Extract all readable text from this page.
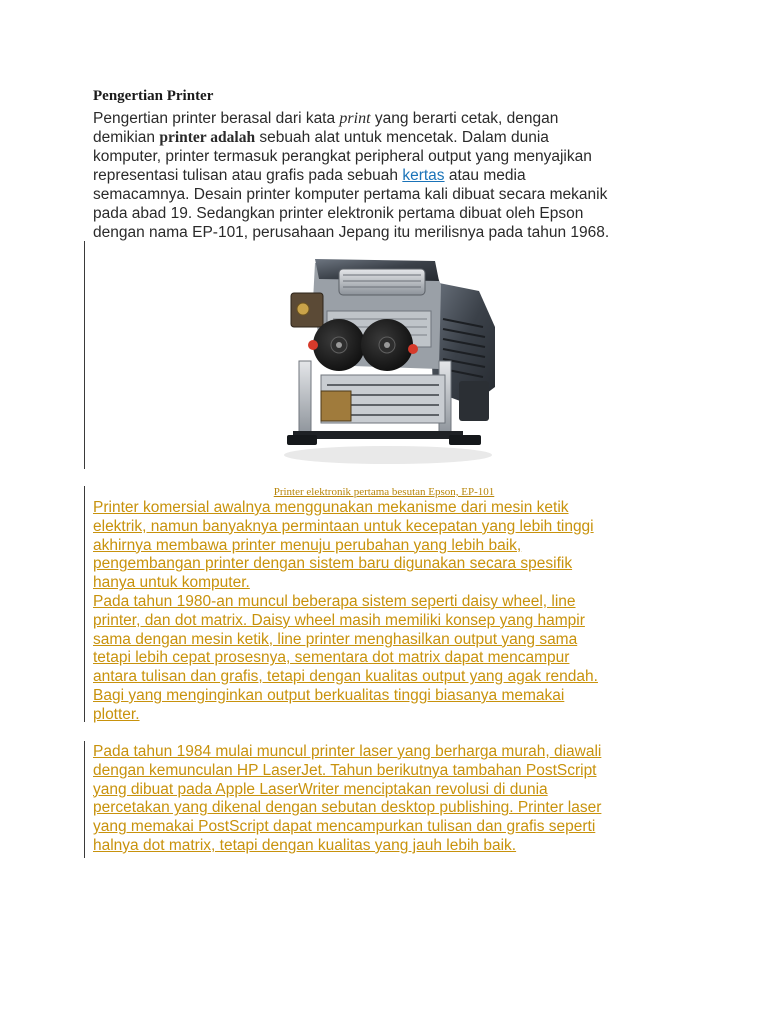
Pengertian Printer
Pengertian printer berasal dari kata print yang berarti cetak, dengan
demikian printer adalah sebuah alat untuk mencetak. Dalam dunia
komputer, printer termasuk perangkat peripheral output yang menyajikan
representasi tulisan atau grafis pada sebuah kertas atau media
semacamnya. Desain printer komputer pertama kali dibuat secara mekanik
pada abad 19. Sedangkan printer elektronik pertama dibuat oleh Epson
dengan nama EP-101, perusahaan Jepang itu merilisnya pada tahun 1968.
Printer elektronik pertama besutan Epson, EP-101
Printer komersial awalnya menggunakan mekanisme dari mesin ketik
elektrik, namun banyaknya permintaan untuk kecepatan yang lebih tinggi
akhirnya membawa printer menuju perubahan yang lebih baik,
pengembangan printer dengan sistem baru digunakan secara spesifik
hanya untuk komputer.
Pada tahun 1980-an muncul beberapa sistem seperti daisy wheel, line
printer, dan dot matrix. Daisy wheel masih memiliki konsep yang hampir
sama dengan mesin ketik, line printer menghasilkan output yang sama
tetapi lebih cepat prosesnya, sementara dot matrix dapat mencampur
antara tulisan dan grafis, tetapi dengan kualitas output yang agak rendah.
Bagi yang menginginkan output berkualitas tinggi biasanya memakai
plotter.
Pada tahun 1984 mulai muncul printer laser yang berharga murah, diawali
dengan kemunculan HP LaserJet. Tahun berikutnya tambahan PostScript
yang dibuat pada Apple LaserWriter menciptakan revolusi di dunia
percetakan yang dikenal dengan sebutan desktop publishing. Printer laser
yang memakai PostScript dapat mencampurkan tulisan dan grafis seperti
halnya dot matrix, tetapi dengan kualitas yang jauh lebih baik.
